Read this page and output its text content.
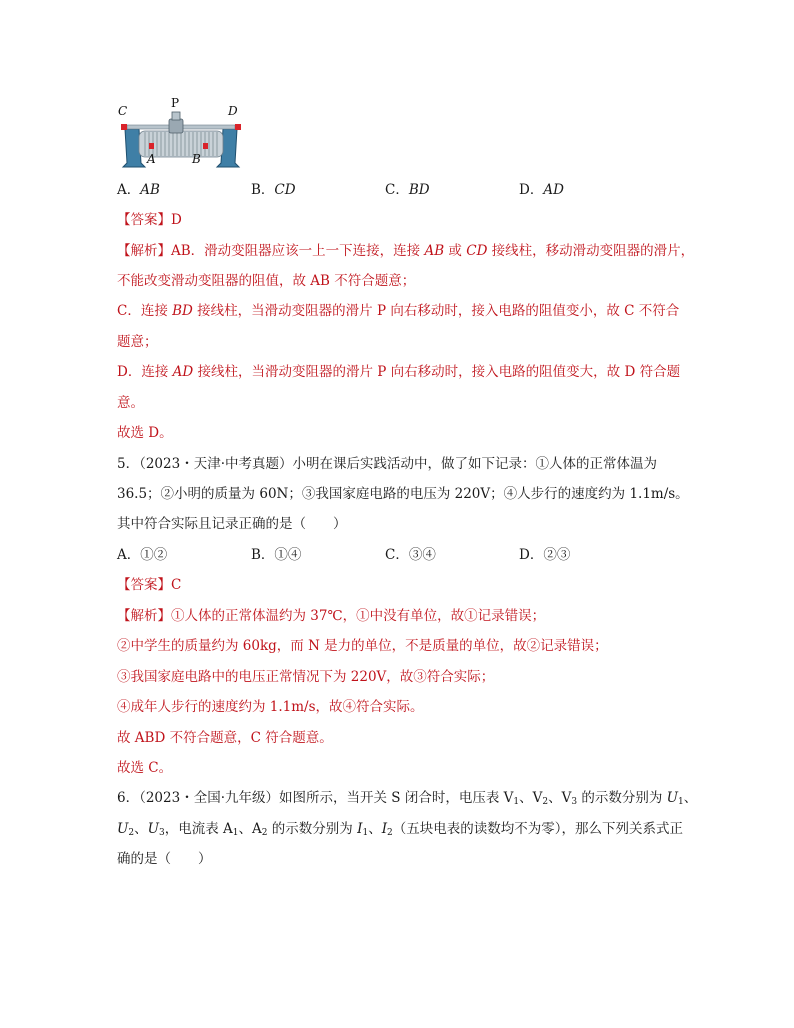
C
P
D
A	B
A．AB	B．CD	C．BD	D．AD
【答案】D
【解析】AB．滑动变阻器应该一上一下连接，连接 AB 或 CD 接线柱，移动滑动变阻器的滑片，
不能改变滑动变阻器的阻值，故 AB 不符合题意；
C．连接 BD 接线柱，当滑动变阻器的滑片 P 向右移动时，接入电路的阻值变小，故 C 不符合
题意；
D．连接 AD 接线柱，当滑动变阻器的滑片 P 向右移动时，接入电路的阻值变大，故 D 符合题
意。
故选 D。
5．（2023・天津·中考真题）小明在课后实践活动中，做了如下记录：①人体的正常体温为
36.5；②小明的质量为 60N；③我国家庭电路的电压为 220V；④人步行的速度约为 1.1m/s。
其中符合实际且记录正确的是（　　）
A．①②	B．①④	C．③④	D．②③
【答案】C
【解析】①人体的正常体温约为 37℃，①中没有单位，故①记录错误；
②中学生的质量约为 60kg，而 N 是力的单位，不是质量的单位，故②记录错误；
③我国家庭电路中的电压正常情况下为 220V，故③符合实际；
④成年人步行的速度约为 1.1m/s，故④符合实际。
故 ABD 不符合题意，C 符合题意。
故选 C。
6．（2023・全国·九年级）如图所示，当开关 S 闭合时，电压表 $V_1$、$V_2$、$V_3$ 的示数分别为 $U_1$、
$U_2$、$U_3$，电流表 $A_1$、$A_2$ 的示数分别为 $I_1$、$I_2$（五块电表的读数均不为零），那么下列关系式正
确的是（　　）
